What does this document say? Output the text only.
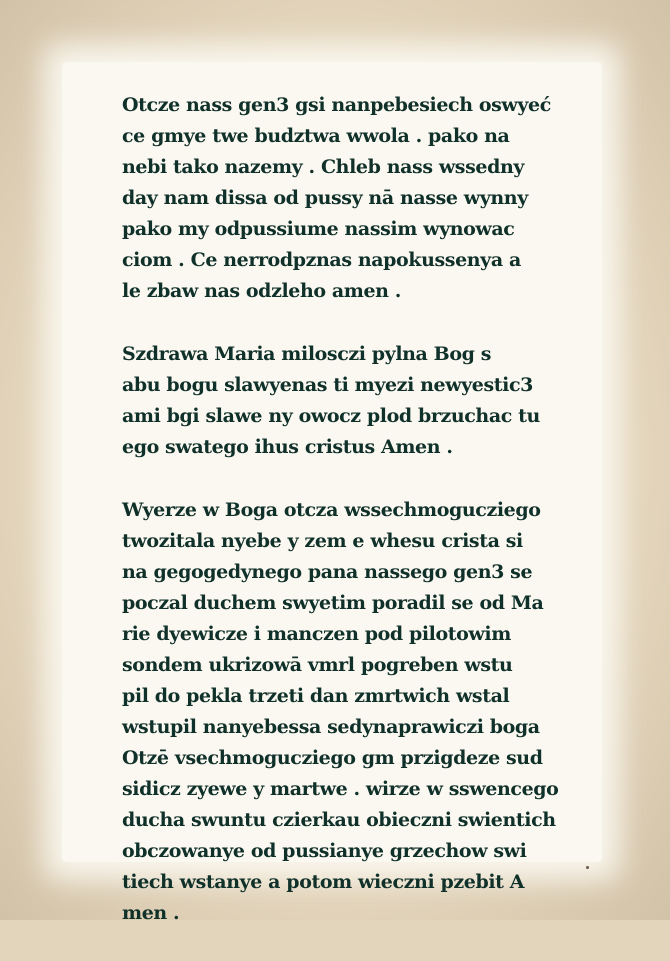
Otcze nass gen3 gsi nanpebesiech oswyeć
ce gmye twe budztwa wwola . pako na
nebi tako nazemy . Chleb nass wssedny
day nam dissa od pussy nā nasse wynny
pako my odpussiume nassim wynowac
ciom . Ce nerrodpznas napokussenya a
le zbaw nas odzleho amen .
Szdrawa Maria milosczi pylna Bog s
abu bogu slawyenas ti myezi newyestic3
ami bgi slawe ny owocz plod brzuchac tu
ego swatego ihus cristus Amen .
Wyerze w Boga otcza wssechmogucziego
twozitala nyebe y zem e whesu crista si
na gegogedynego pana nassego gen3 se
poczal duchem swyetim poradil se od Ma
rie dyewicze i manczen pod pilotowim
sondem ukrizowā vmrl pogreben wstu
pil do pekla trzeti dan zmrtwich wstal
wstupil nanyebessa sedynaprawiczi boga
Otzē vsechmogucziego gm przigdeze sud
sidicz zyewe y martwe . wirze w sswencego
ducha swuntu czierkau obieczni swientich
obczowanye od pussianye grzechow swi
tiech wstanye a potom wieczni pzebit A
men .
